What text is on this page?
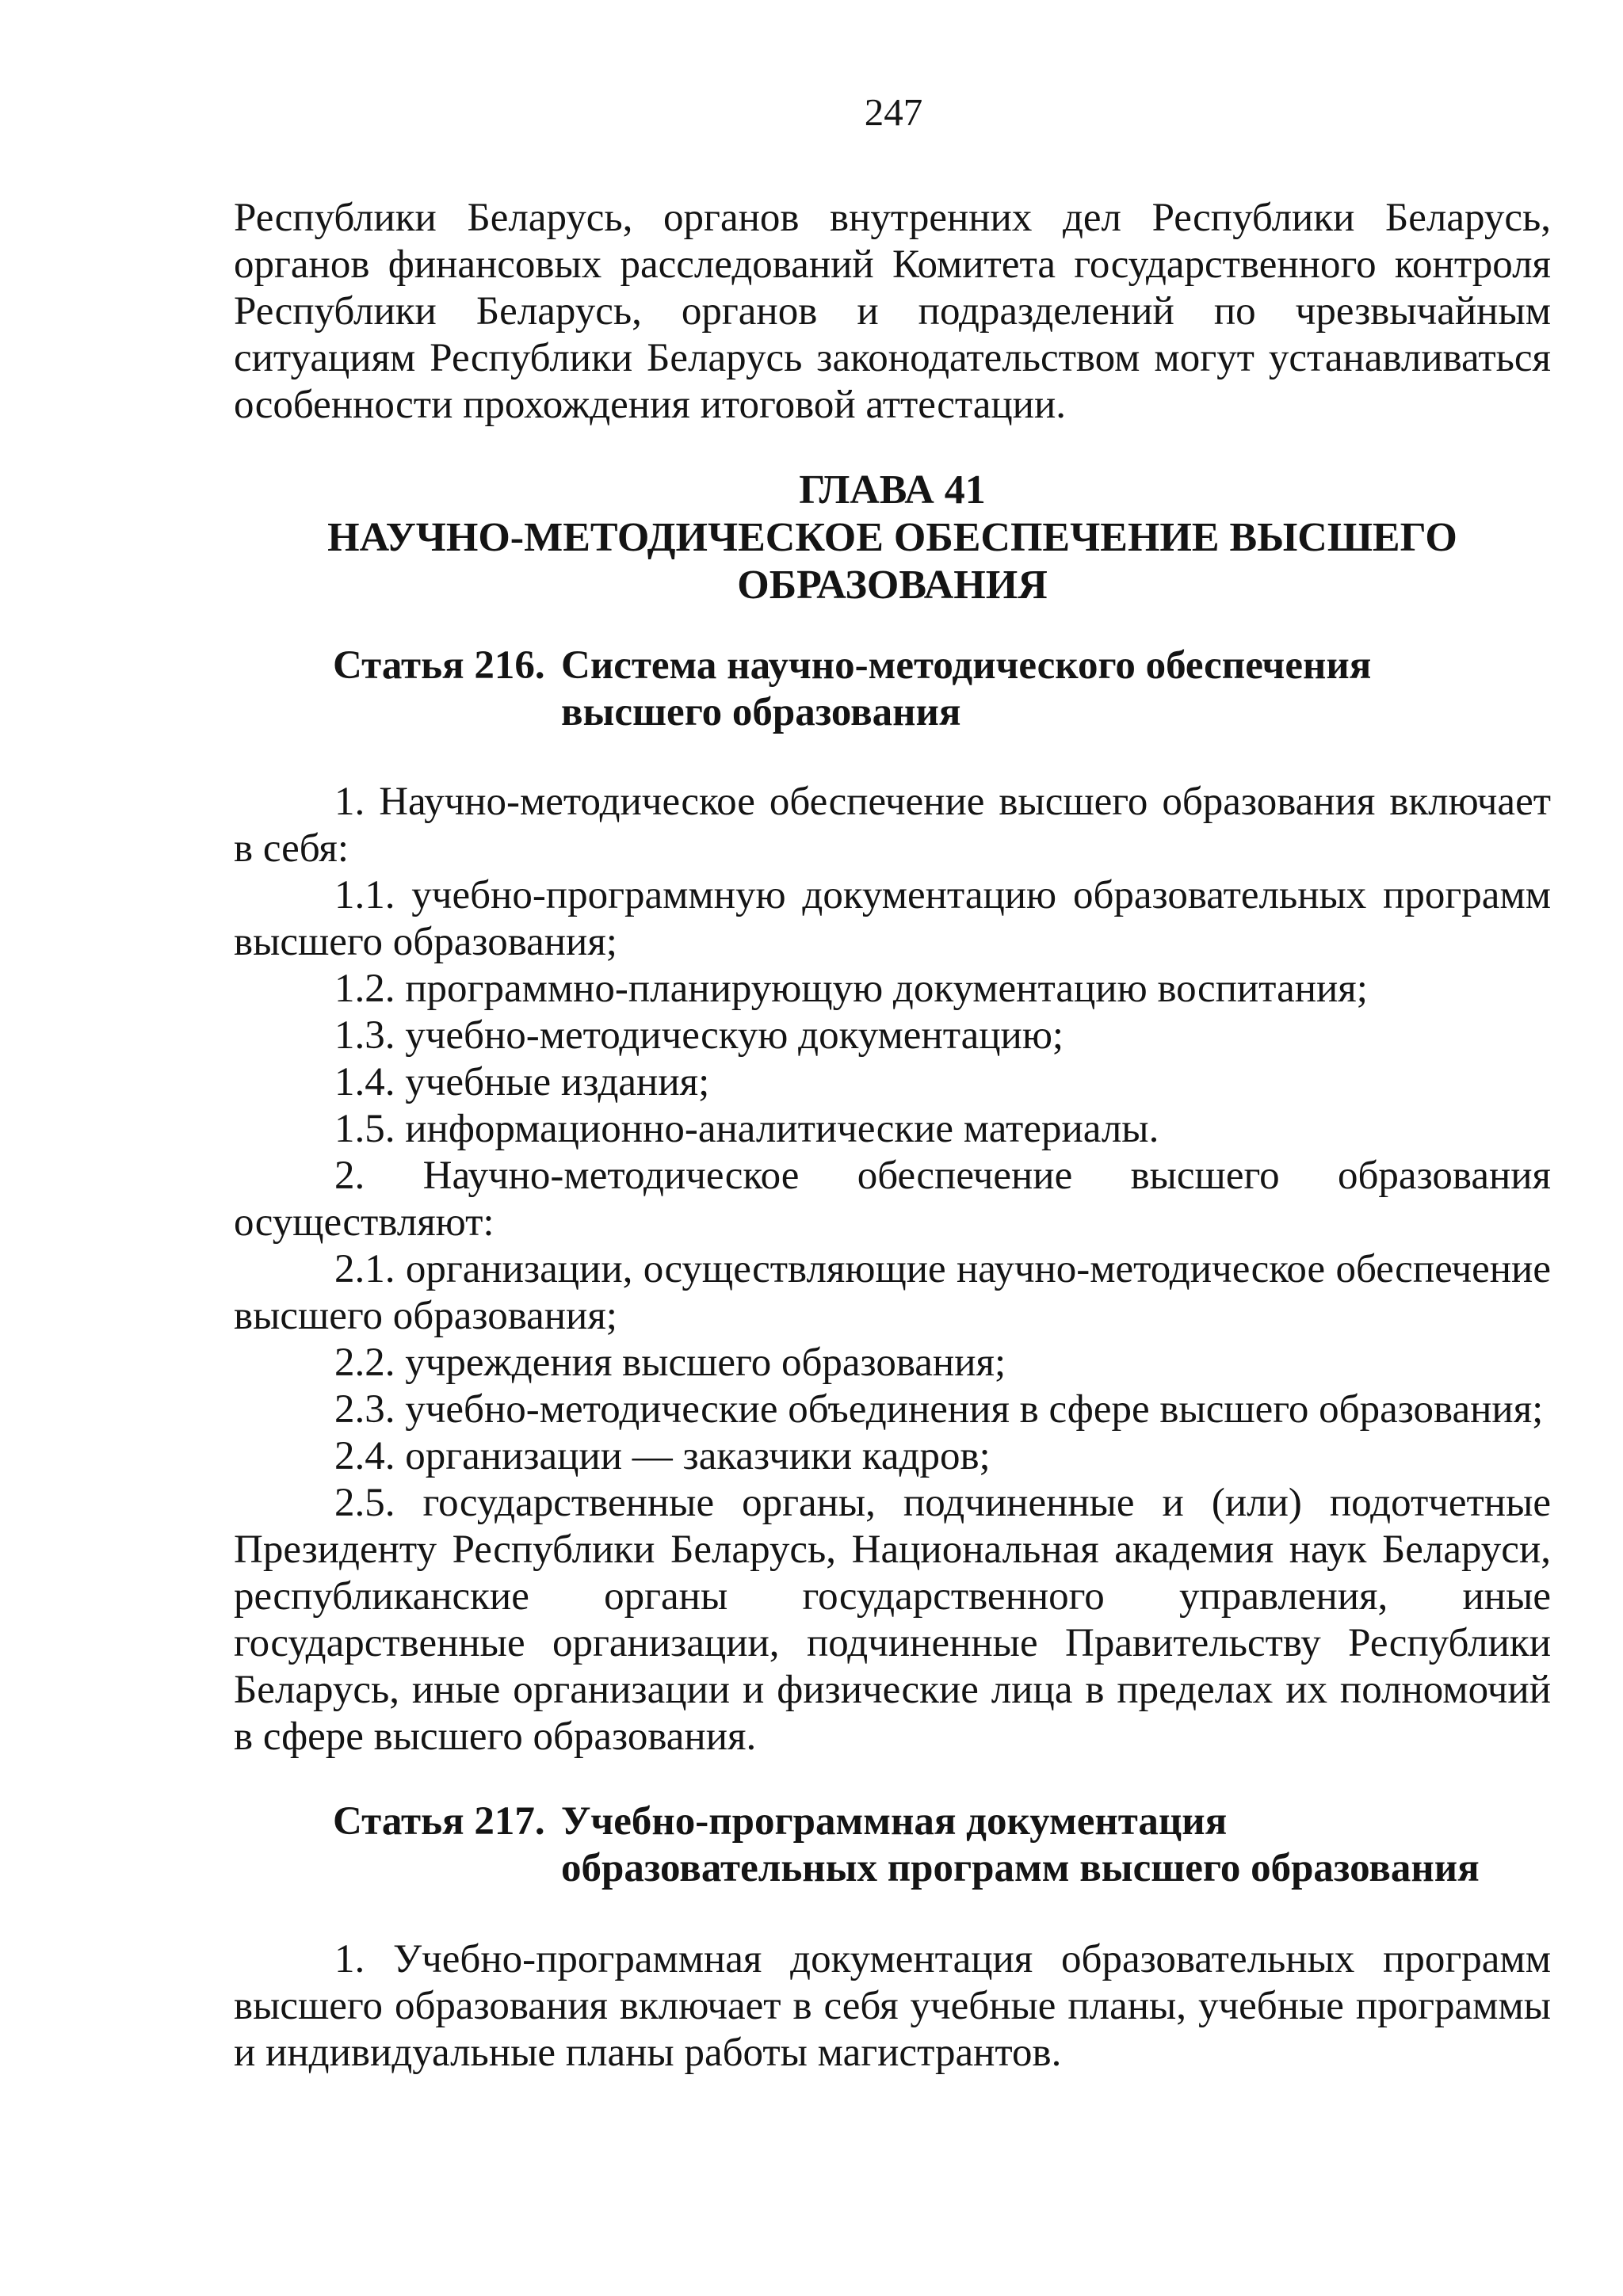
247

Республики Беларусь, органов внутренних дел Республики Беларусь, органов финансовых расследований Комитета государственного контроля Республики Беларусь, органов и подразделений по чрезвычайным ситуациям Республики Беларусь законодательством могут устанавливаться особенности прохождения итоговой аттестации.

ГЛАВА 41
НАУЧНО-МЕТОДИЧЕСКОЕ ОБЕСПЕЧЕНИЕ ВЫСШЕГО
ОБРАЗОВАНИЯ
Статья 216. Система научно-методического обеспечения
высшего образования

1. Научно-методическое обеспечение высшего образования включает в себя:

1.1. учебно-программную документацию образовательных программ высшего образования;

1.2. программно-планирующую документацию воспитания;

1.3. учебно-методическую документацию;

1.4. учебные издания;

1.5. информационно-аналитические материалы.

2. Научно-методическое обеспечение высшего образования осуществляют:

2.1. организации, осуществляющие научно-методическое обеспечение высшего образования;

2.2. учреждения высшего образования;

2.3. учебно-методические объединения в сфере высшего образования;

2.4. организации — заказчики кадров;

2.5. государственные органы, подчиненные и (или) подотчетные Президенту Республики Беларусь, Национальная академия наук Беларуси, республиканские органы государственного управления, иные государственные организации, подчиненные Правительству Республики Беларусь, иные организации и физические лица в пределах их полномочий в сфере высшего образования.

Статья 217. Учебно-программная документация
образовательных программ высшего образования

1. Учебно-программная документация образовательных программ высшего образования включает в себя учебные планы, учебные программы и индивидуальные планы работы магистрантов.
